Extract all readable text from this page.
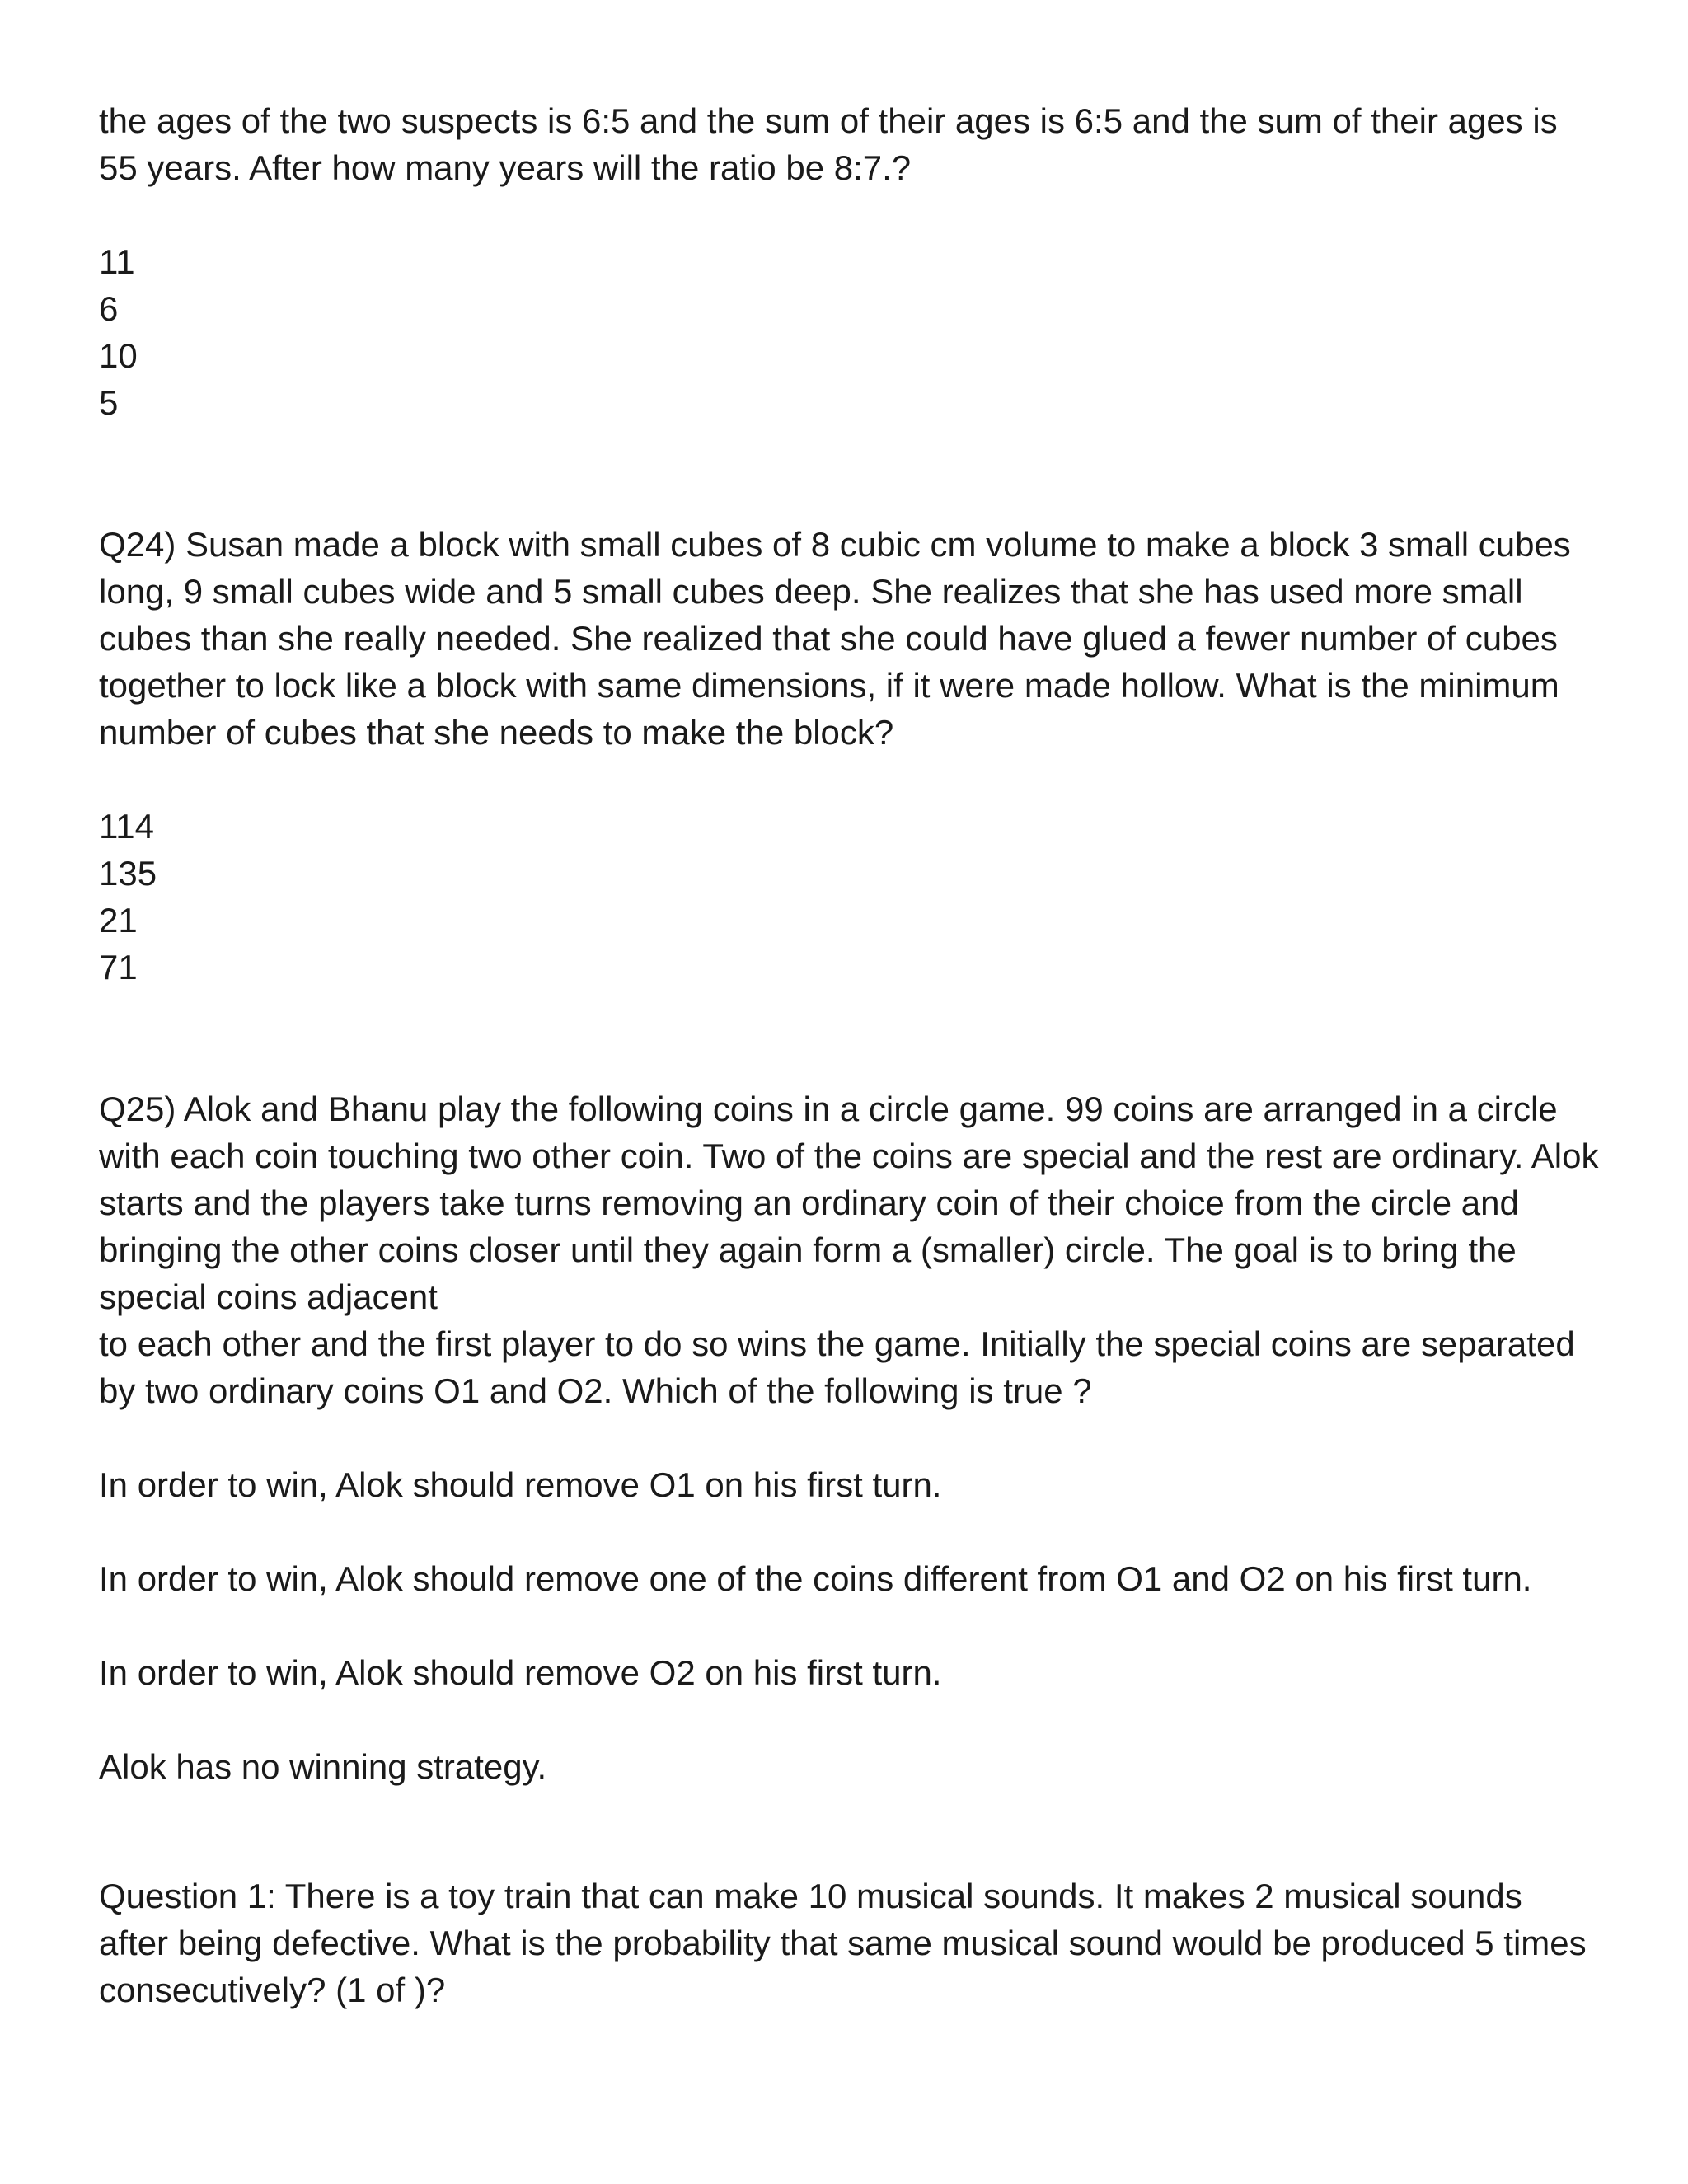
the ages of the two suspects is 6:5 and the sum of their ages is 6:5 and the sum of their ages is 55 years. After how many years will the ratio be 8:7.?

11
6
10
5

Q24) Susan made a block with small cubes of 8 cubic cm volume to make a block 3 small cubes long, 9 small cubes wide and 5 small cubes deep. She realizes that she has used more small cubes than she really needed. She realized that she could have glued a fewer number of cubes together to lock like a block with same dimensions, if it were made hollow. What is the minimum number of cubes that she needs to make the block?

114
135
21
71

Q25) Alok and Bhanu play the following coins in a circle game. 99 coins are arranged in a circle with each coin touching two other coin. Two of the coins are special and the rest are ordinary. Alok starts and the players take turns removing an ordinary coin of their choice from the circle and bringing the other coins closer until they again form a (smaller) circle. The goal is to bring the special coins adjacent

to each other and the first player to do so wins the game. Initially the special coins are separated by two ordinary coins O1 and O2. Which of the following is true ?

In order to win, Alok should remove O1 on his first turn.

In order to win, Alok should remove one of the coins different from O1 and O2 on his first turn.

In order to win, Alok should remove O2 on his first turn.

Alok has no winning strategy.

Question 1: There is a toy train that can make 10 musical sounds. It makes 2 musical sounds after being defective. What is the probability that same musical sound would be produced 5 times consecutively? (1 of )?
